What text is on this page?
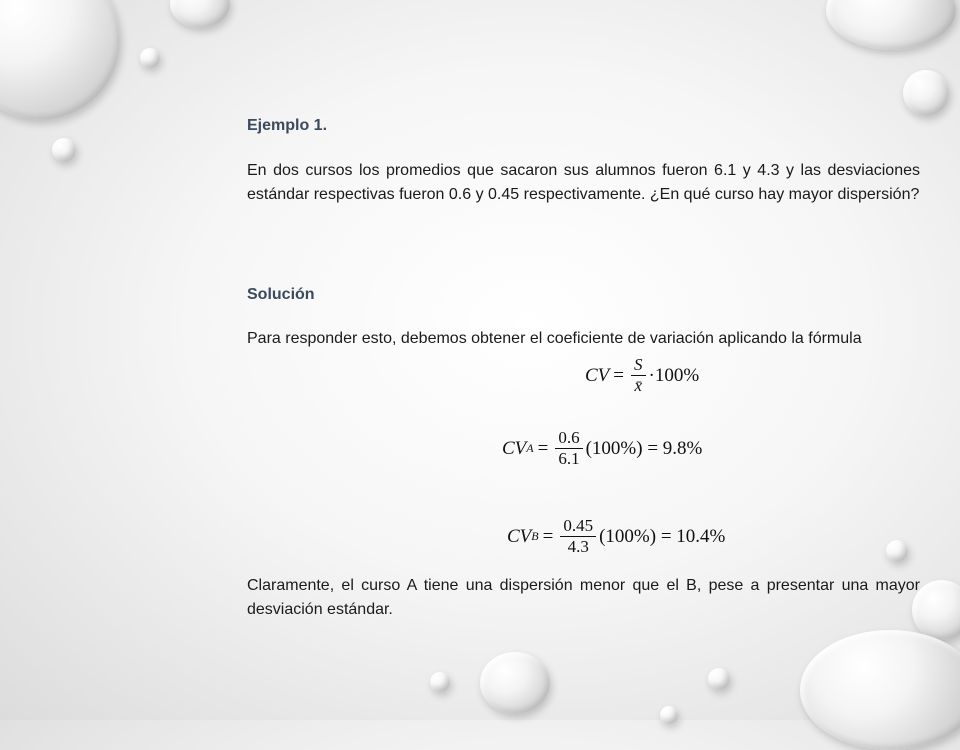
Ejemplo 1.

En dos cursos los promedios que sacaron sus alumnos fueron 6.1 y 4.3 y las desviaciones estándar respectivas fueron 0.6 y 0.45 respectivamente. ¿En qué curso hay mayor dispersión?

Solución

Para responder esto, debemos obtener el coeficiente de variación aplicando la fórmula

CV = $\frac{S}{x̄} \cdot 100\%$
CV $A = \frac{0.6}{6.1} (100\%) = 9.8\%$
CV $B = \frac{0.45}{4.3} (100\%) = 10.4\%$

Claramente, el curso A tiene una dispersión menor que el B, pese a presentar una mayor desviación estándar.
